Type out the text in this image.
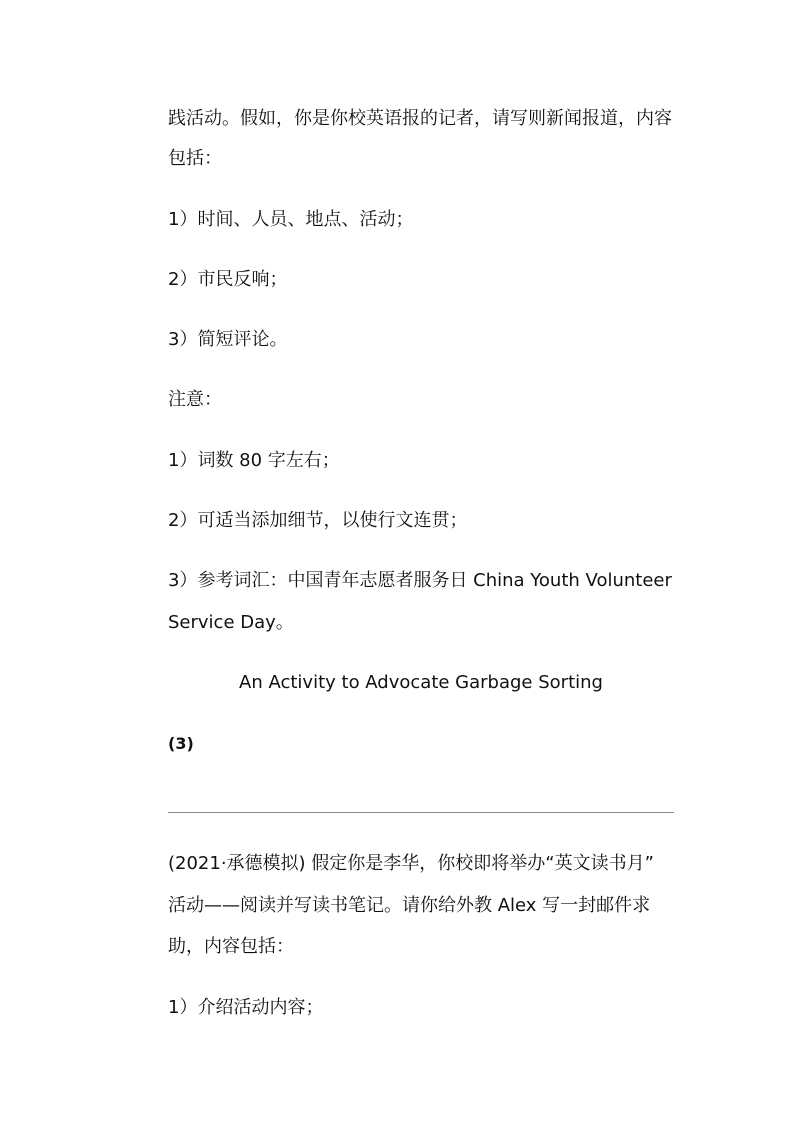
践活动。假如，你是你校英语报的记者，请写则新闻报道，内容
包括：
1）时间、人员、地点、活动；
2）市民反响；
3）简短评论。
注意：
1）词数 80 字左右；
2）可适当添加细节，以使行文连贯；
3）参考词汇：中国青年志愿者服务日 China Youth Volunteer
Service Day。
An Activity to Advocate Garbage Sorting
(3)
(2021·承德模拟) 假定你是李华，你校即将举办“英文读书月”
活动——阅读并写读书笔记。请你给外教 Alex 写一封邮件求
助，内容包括：
1）介绍活动内容；
